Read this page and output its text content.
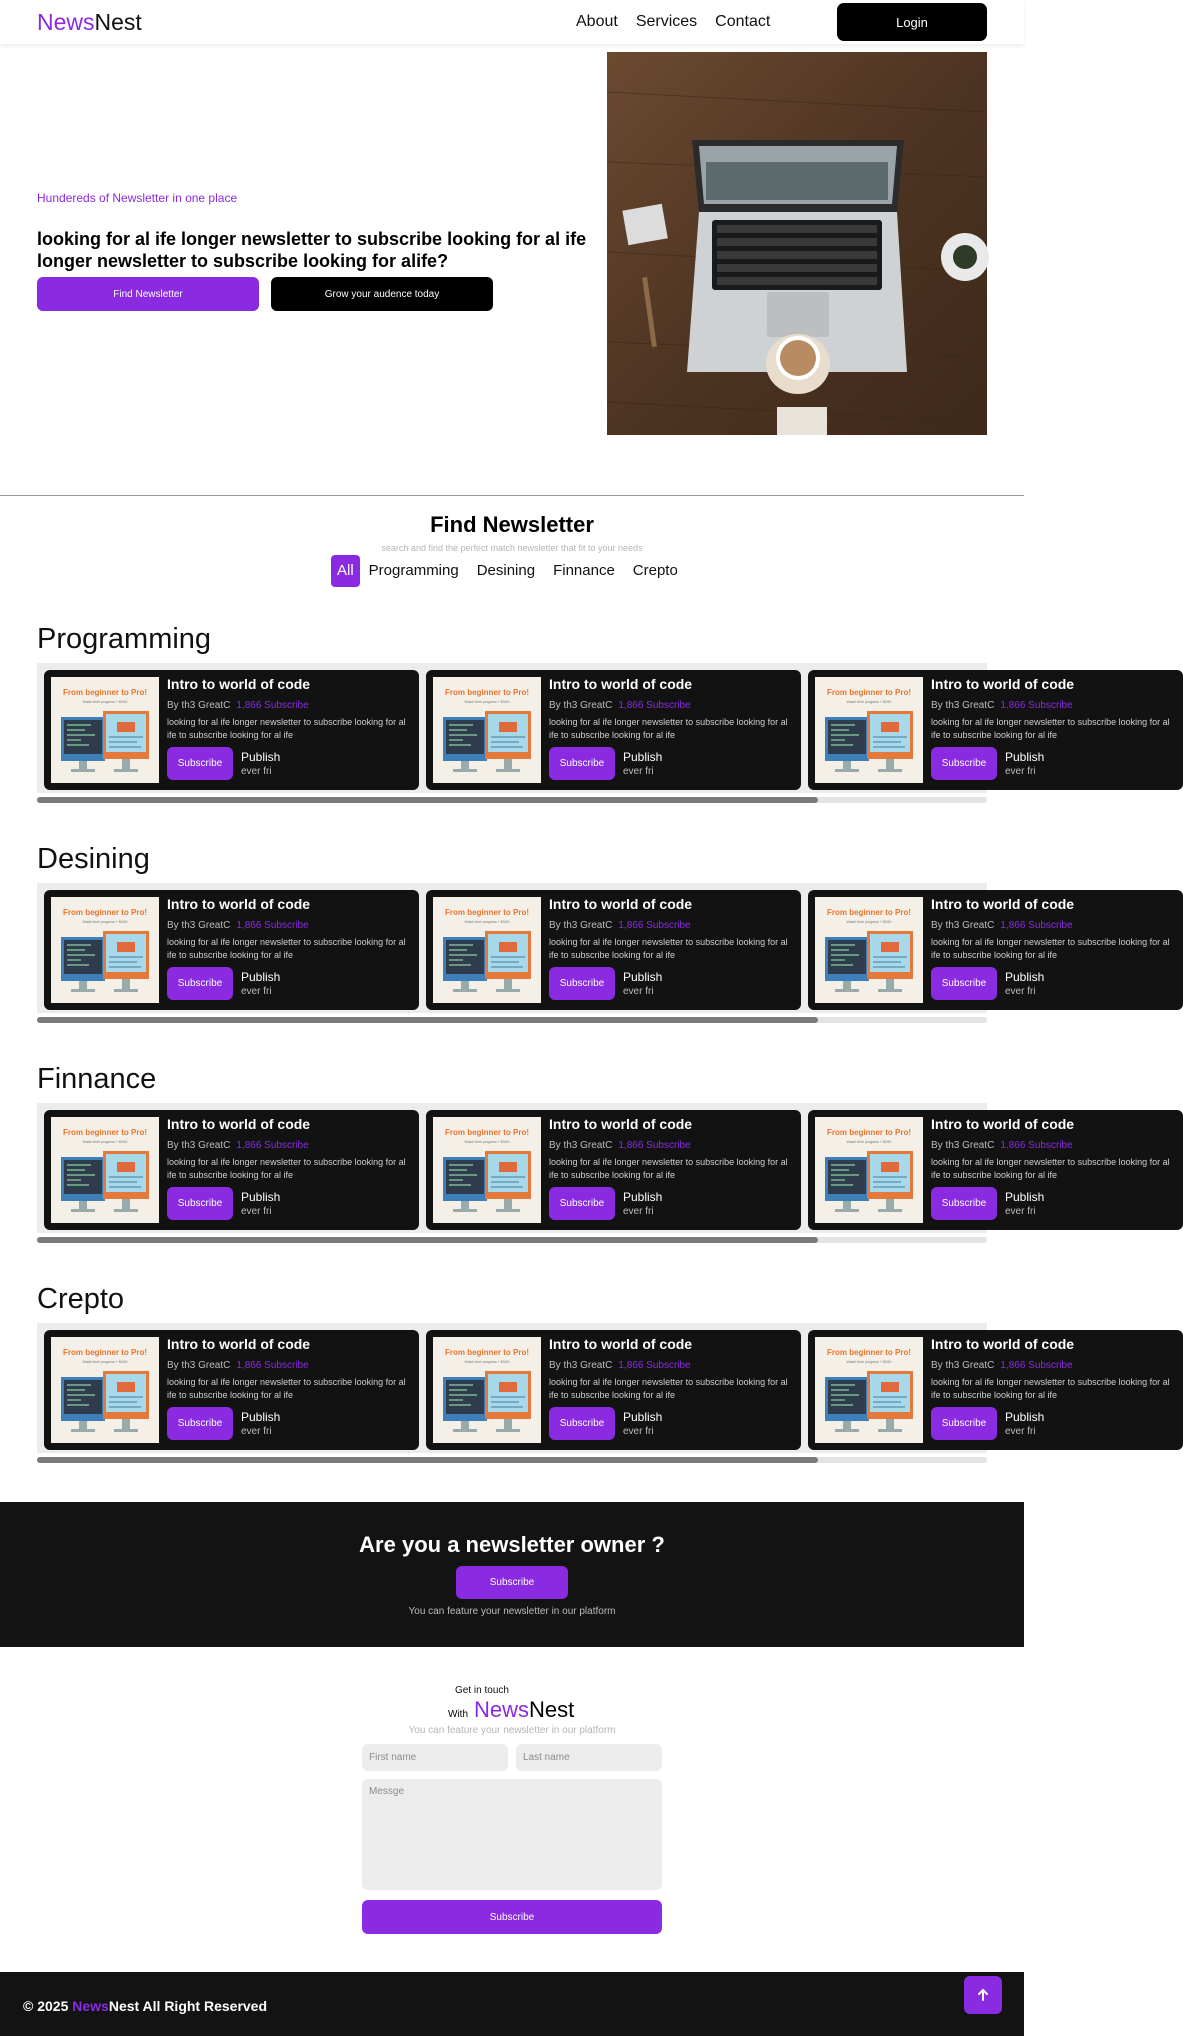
NewsNest	About Services Contact	Login
Hundereds of Newsletter in one place
looking for al ife longer newsletter to subscribe looking for al ife longer newsletter to subscribe looking for alife?
Find Newsletter	Grow your audence today
Find Newsletter
search and find the perfect match newsletter that fit to your needs
All	Programming	Desining	Finnance	Crepto
Programming
From beginner to Pro!
Watch their progress + 80/40
Intro to world of code
By th3 GreatC 1,866 Subscribe
looking for al ife longer newsletter to subscribe looking for al ife to subscribe looking for al ife
Subscribe	Publish
ever fri
From beginner to Pro!
Watch their progress + 80/40
Intro to world of code
By th3 GreatC 1,866 Subscribe
looking for al ife longer newsletter to subscribe looking for al ife to subscribe looking for al ife
Subscribe	Publish
ever fri
From beginner to Pro!
Watch their progress + 80/40
Intro to world of code
By th3 GreatC 1,866 Subscribe
looking for al ife longer newsletter to subscribe looking for al ife to subscribe looking for al ife
Subscribe	Publish
ever fri
Desining
From beginner to Pro!
Watch their progress + 80/40
Intro to world of code
By th3 GreatC 1,866 Subscribe
looking for al ife longer newsletter to subscribe looking for al ife to subscribe looking for al ife
Subscribe	Publish
ever fri
From beginner to Pro!
Watch their progress + 80/40
Intro to world of code
By th3 GreatC 1,866 Subscribe
looking for al ife longer newsletter to subscribe looking for al ife to subscribe looking for al ife
Subscribe	Publish
ever fri
From beginner to Pro!
Watch their progress + 80/40
Intro to world of code
By th3 GreatC 1,866 Subscribe
looking for al ife longer newsletter to subscribe looking for al ife to subscribe looking for al ife
Subscribe	Publish
ever fri
Finnance
From beginner to Pro!
Watch their progress + 80/40
Intro to world of code
By th3 GreatC 1,866 Subscribe
looking for al ife longer newsletter to subscribe looking for al ife to subscribe looking for al ife
Subscribe	Publish
ever fri
From beginner to Pro!
Watch their progress + 80/40
Intro to world of code
By th3 GreatC 1,866 Subscribe
looking for al ife longer newsletter to subscribe looking for al ife to subscribe looking for al ife
Subscribe	Publish
ever fri
From beginner to Pro!
Watch their progress + 80/40
Intro to world of code
By th3 GreatC 1,866 Subscribe
looking for al ife longer newsletter to subscribe looking for al ife to subscribe looking for al ife
Subscribe	Publish
ever fri
Crepto
From beginner to Pro!
Watch their progress + 80/40
Intro to world of code
By th3 GreatC 1,866 Subscribe
looking for al ife longer newsletter to subscribe looking for al ife to subscribe looking for al ife
Subscribe	Publish
ever fri
From beginner to Pro!
Watch their progress + 80/40
Intro to world of code
By th3 GreatC 1,866 Subscribe
looking for al ife longer newsletter to subscribe looking for al ife to subscribe looking for al ife
Subscribe	Publish
ever fri
From beginner to Pro!
Watch their progress + 80/40
Intro to world of code
By th3 GreatC 1,866 Subscribe
looking for al ife longer newsletter to subscribe looking for al ife to subscribe looking for al ife
Subscribe	Publish
ever fri
Are you a newsletter owner ?
Subscribe
You can feature your newsletter in our platform
Get in touch
With NewsNest
You can feature your newsletter in our platform
First name
Last name
Messge
Subscribe
© 2025 NewsNest All Right Reserved
